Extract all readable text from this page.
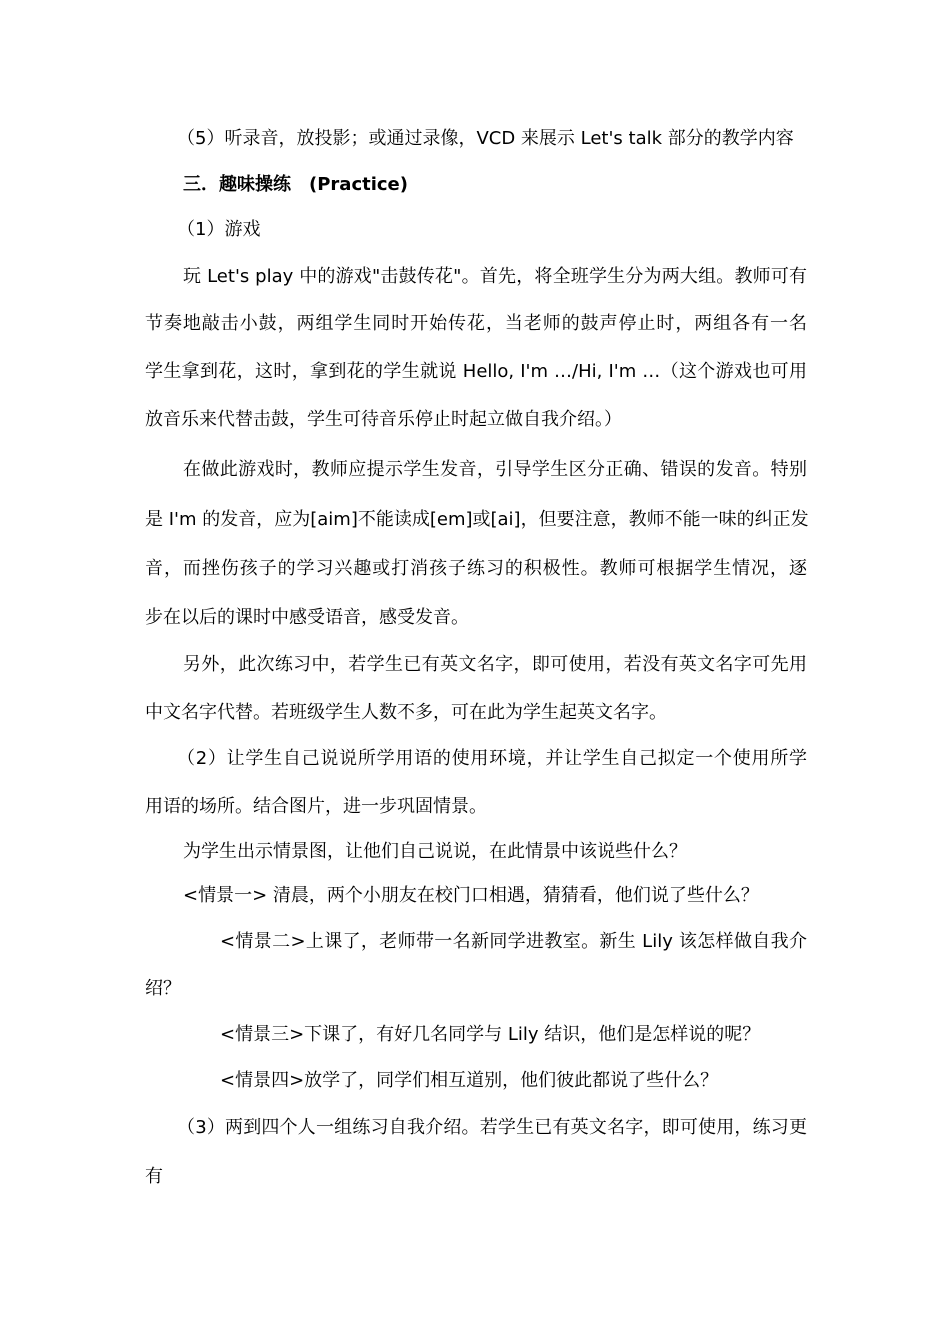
（5）听录音，放投影；或通过录像，VCD 来展示 Let's talk 部分的教学内容

三．趣味操练　(Practice)

（1）游戏

玩 Let's play 中的游戏"击鼓传花"。首先，将全班学生分为两大组。教师可有

节奏地敲击小鼓，两组学生同时开始传花，当老师的鼓声停止时，两组各有一名

学生拿到花，这时，拿到花的学生就说 Hello, I'm …/Hi, I'm …（这个游戏也可用

放音乐来代替击鼓，学生可待音乐停止时起立做自我介绍。）

在做此游戏时，教师应提示学生发音，引导学生区分正确、错误的发音。特别

是 I'm 的发音，应为[aim]不能读成[em]或[ai]，但要注意，教师不能一味的纠正发

音，而挫伤孩子的学习兴趣或打消孩子练习的积极性。教师可根据学生情况，逐

步在以后的课时中感受语音，感受发音。

另外，此次练习中，若学生已有英文名字，即可使用，若没有英文名字可先用

中文名字代替。若班级学生人数不多，可在此为学生起英文名字。

（2）让学生自己说说所学用语的使用环境，并让学生自己拟定一个使用所学

用语的场所。结合图片，进一步巩固情景。

为学生出示情景图，让他们自己说说，在此情景中该说些什么？

<情景一> 清晨，两个小朋友在校门口相遇，猜猜看，他们说了些什么？

<情景二>上课了，老师带一名新同学进教室。新生 Lily 该怎样做自我介

绍？

<情景三>下课了，有好几名同学与 Lily 结识，他们是怎样说的呢？

<情景四>放学了，同学们相互道别，他们彼此都说了些什么？

（3）两到四个人一组练习自我介绍。若学生已有英文名字，即可使用，练习更

有
